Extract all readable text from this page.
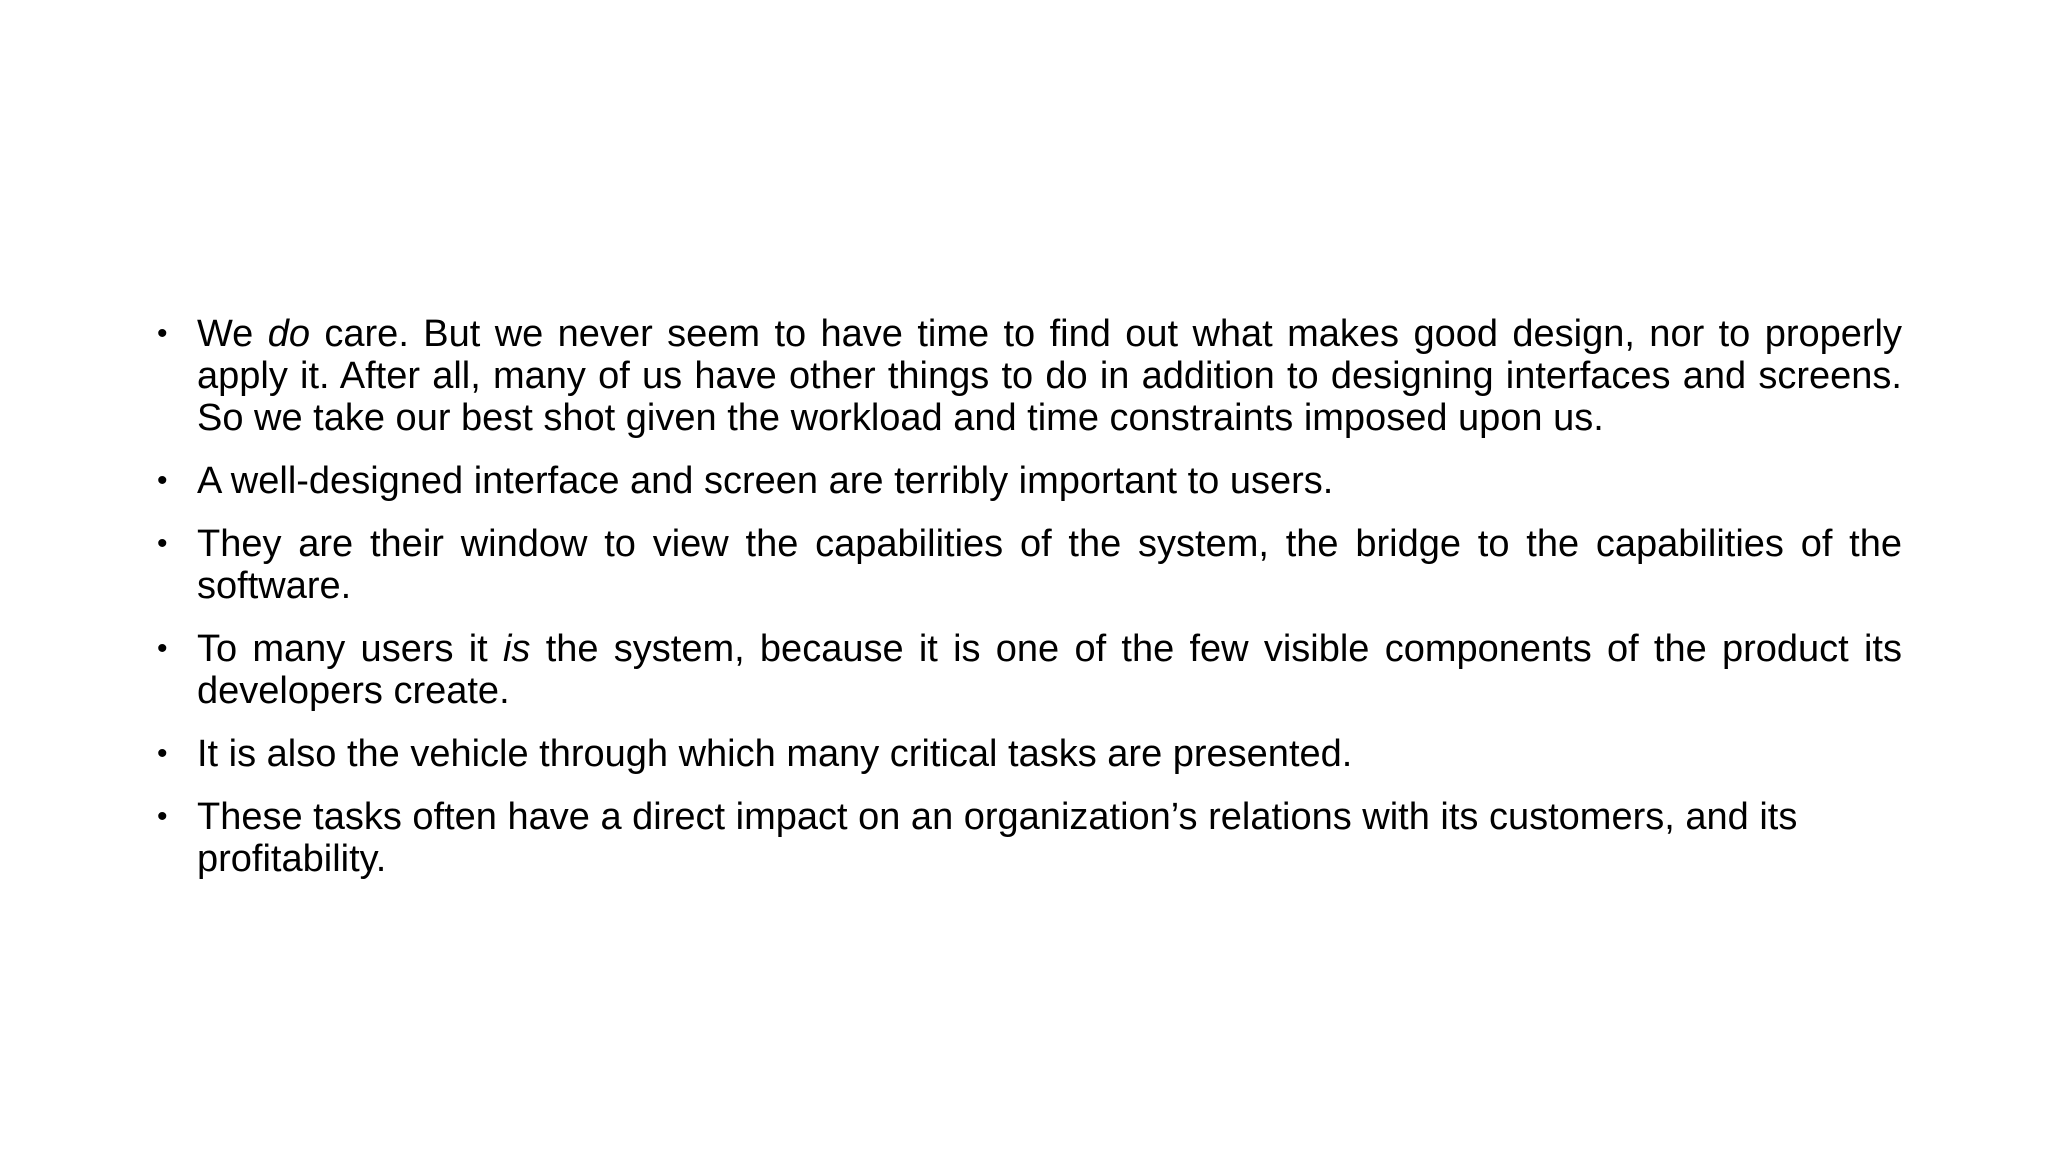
• We do care. But we never seem to have time to find out what makes good design, nor to properly apply it. After all, many of us have other things to do in addition to designing interfaces and screens. So we take our best shot given the workload and time constraints imposed upon us.
• A well-designed interface and screen are terribly important to users.
• They are their window to view the capabilities of the system, the bridge to the capabilities of the software.
• To many users it is the system, because it is one of the few visible components of the product its developers create.
• It is also the vehicle through which many critical tasks are presented.
• These tasks often have a direct impact on an organization’s relations with its customers, and its profitability.
